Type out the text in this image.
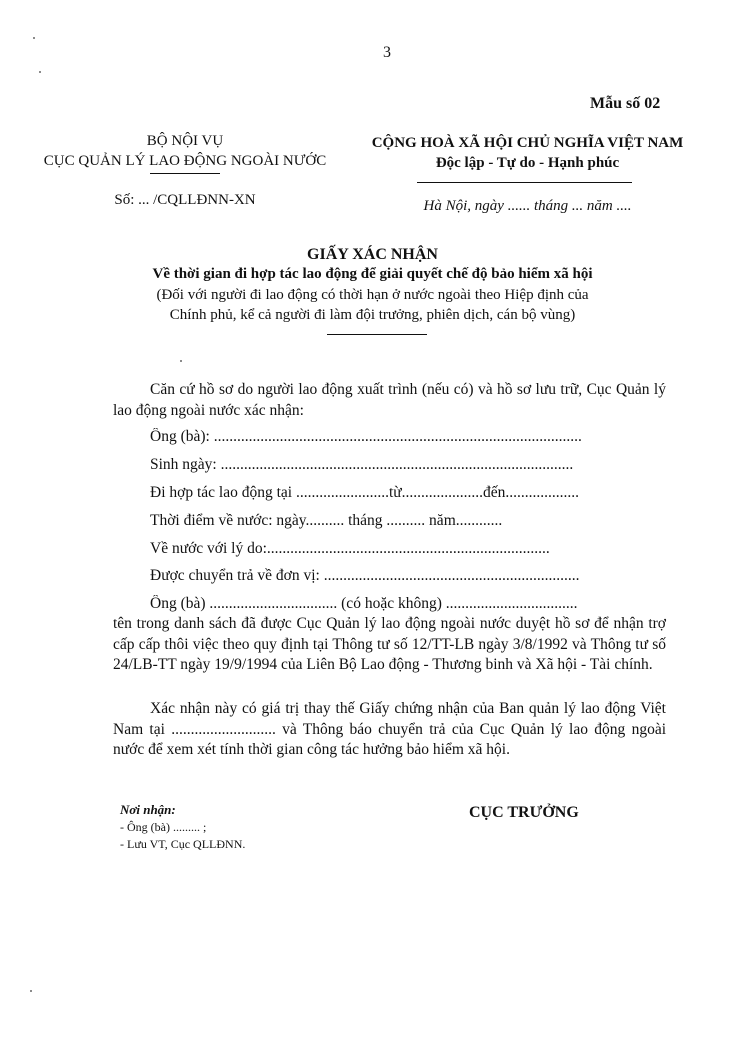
3
Mẫu số 02
BỘ NỘI VỤ
CỤC QUẢN LÝ LAO ĐỘNG NGOÀI NƯỚC
Số: ... /CQLLĐNN-XN
CỘNG HOÀ XÃ HỘI CHỦ NGHĨA VIỆT NAM
Độc lập - Tự do - Hạnh phúc
Hà Nội, ngày ...... tháng ... năm ....
GIẤY XÁC NHẬN
Về thời gian đi hợp tác lao động để giải quyết chế độ bảo hiểm xã hội
(Đối với người đi lao động có thời hạn ở nước ngoài theo Hiệp định của
Chính phủ, kể cả người đi làm đội trưởng, phiên dịch, cán bộ vùng)
Căn cứ hồ sơ do người lao động xuất trình (nếu có) và hồ sơ lưu trữ, Cục Quản lý lao động ngoài nước xác nhận:
Ông (bà): ...............................................................................................
Sinh ngày: ...........................................................................................
Đi hợp tác lao động tại ........................từ.....................đến...................
Thời điểm về nước: ngày.......... tháng .......... năm............
Về nước với lý do:.........................................................................
Được chuyển trả về đơn vị: ..................................................................
Ông (bà) ................................. (có hoặc không) ..................................
tên trong danh sách đã được Cục Quản lý lao động ngoài nước duyệt hồ sơ để nhận trợ cấp cấp thôi việc theo quy định tại Thông tư số 12/TT-LB ngày 3/8/1992 và Thông tư số 24/LB-TT ngày 19/9/1994 của Liên Bộ Lao động - Thương binh và Xã hội - Tài chính.
Xác nhận này có giá trị thay thế Giấy chứng nhận của Ban quản lý lao động Việt Nam tại ........................... và Thông báo chuyển trả của Cục Quản lý lao động ngoài nước để xem xét tính thời gian công tác hưởng bảo hiểm xã hội.
Nơi nhận:
- Ông (bà) ......... ;
- Lưu VT, Cục QLLĐNN.
CỤC TRƯỞNG
